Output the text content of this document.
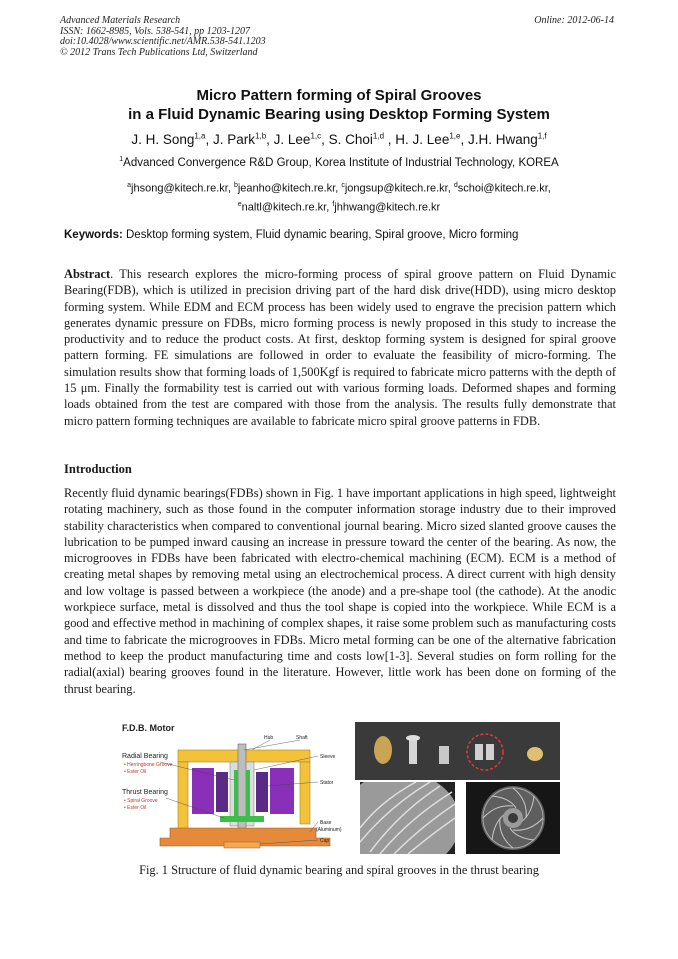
Advanced Materials Research
ISSN: 1662-8985, Vols. 538-541, pp 1203-1207
doi:10.4028/www.scientific.net/AMR.538-541.1203
© 2012 Trans Tech Publications Ltd, Switzerland
Online: 2012-06-14
Micro Pattern forming of Spiral Grooves
in a Fluid Dynamic Bearing using Desktop Forming System
J. H. Song$^{1,a}$, J. Park$^{1,b}$, J. Lee$^{1,c}$, S. Choi$^{1,d}$ , H. J. Lee$^{1,e}$, J.H. Hwang$^{1,f}$
$^1$Advanced Convergence R&D Group, Korea Institute of Industrial Technology, KOREA
$^a$jhsong@kitech.re.kr, $^b$jeanho@kitech.re.kr, $^c$jongsup@kitech.re.kr, $^d$schoi@kitech.re.kr,
$^e$naltl@kitech.re.kr, $^f$jhhwang@kitech.re.kr
Keywords: Desktop forming system, Fluid dynamic bearing, Spiral groove, Micro forming
Abstract. This research explores the micro-forming process of spiral groove pattern on Fluid Dynamic Bearing(FDB), which is utilized in precision driving part of the hard disk drive(HDD), using micro desktop forming system. While EDM and ECM process has been widely used to engrave the precision pattern which generates dynamic pressure on FDBs, micro forming process is newly proposed in this study to increase the productivity and to reduce the product costs. At first, desktop forming system is designed for spiral groove pattern forming. FE simulations are followed in order to evaluate the feasibility of micro-forming. The simulation results show that forming loads of 1,500Kgf is required to fabricate micro patterns with the depth of 15 μm. Finally the formability test is carried out with various forming loads. Deformed shapes and forming loads obtained from the test are compared with those from the analysis. The results fully demonstrate that micro pattern forming techniques are available to fabricate micro spiral groove patterns in FDB.
Introduction
Recently fluid dynamic bearings(FDBs) shown in Fig. 1 have important applications in high speed, lightweight rotating machinery, such as those found in the computer information storage industry due to their improved stability characteristics when compared to conventional journal bearing. Micro sized slanted groove causes the lubrication to be pumped inward causing an increase in pressure toward the center of the bearing. As now, the microgrooves in FDBs have been fabricated with electro-chemical machining (ECM). ECM is a method of creating metal shapes by removing metal using an electrochemical process. A direct current with high density and low voltage is passed between a workpiece (the anode) and a pre-shape tool (the cathode). At the anodic workpiece surface, metal is dissolved and thus the tool shape is copied into the workpiece. While ECM is a good and effective method in machining of complex shapes, it raise some problem such as manufacturing costs and time to fabricate the microgrooves in FDBs. Micro metal forming can be one of the alternative fabrication method to keep the product manufacturing time and costs low[1-3]. Several studies on form rolling for the radial(axial) bearing grooves found in the literature. However, little work has been done on forming of the thrust bearing.
F.D.B. Motor
Radial Bearing
• Herringbone Groove
• Ester Oil
Thrust Bearing
• Spiral Groove
• Ester Oil
Hub	Shaft
Sleeve
Stator
Base
(Aluminum)
Cap
Fig. 1 Structure of fluid dynamic bearing and spiral grooves in the thrust bearing
